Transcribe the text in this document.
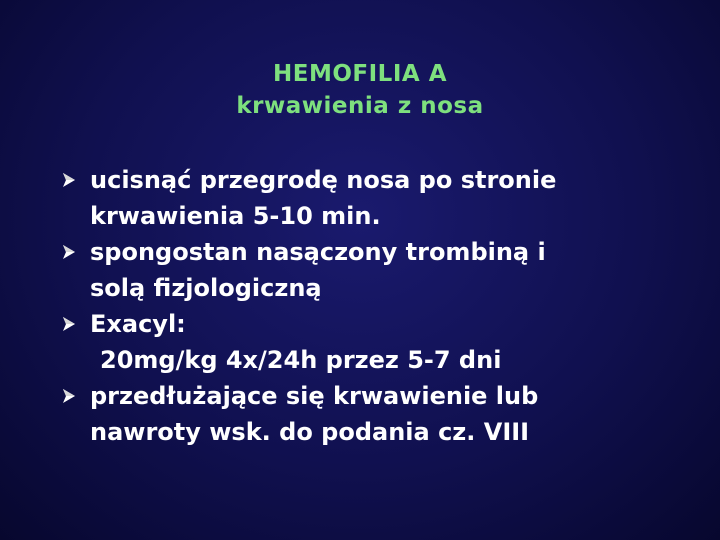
HEMOFILIA A
krwawienia z nosa
ucisnąć przegrodę nosa po stronie
krwawienia 5-10 min.
spongostan nasączony trombiną i
solą fizjologiczną
Exacyl:
20mg/kg 4x/24h przez 5-7 dni
przedłużające się krwawienie lub
nawroty wsk. do podania cz. VIII
